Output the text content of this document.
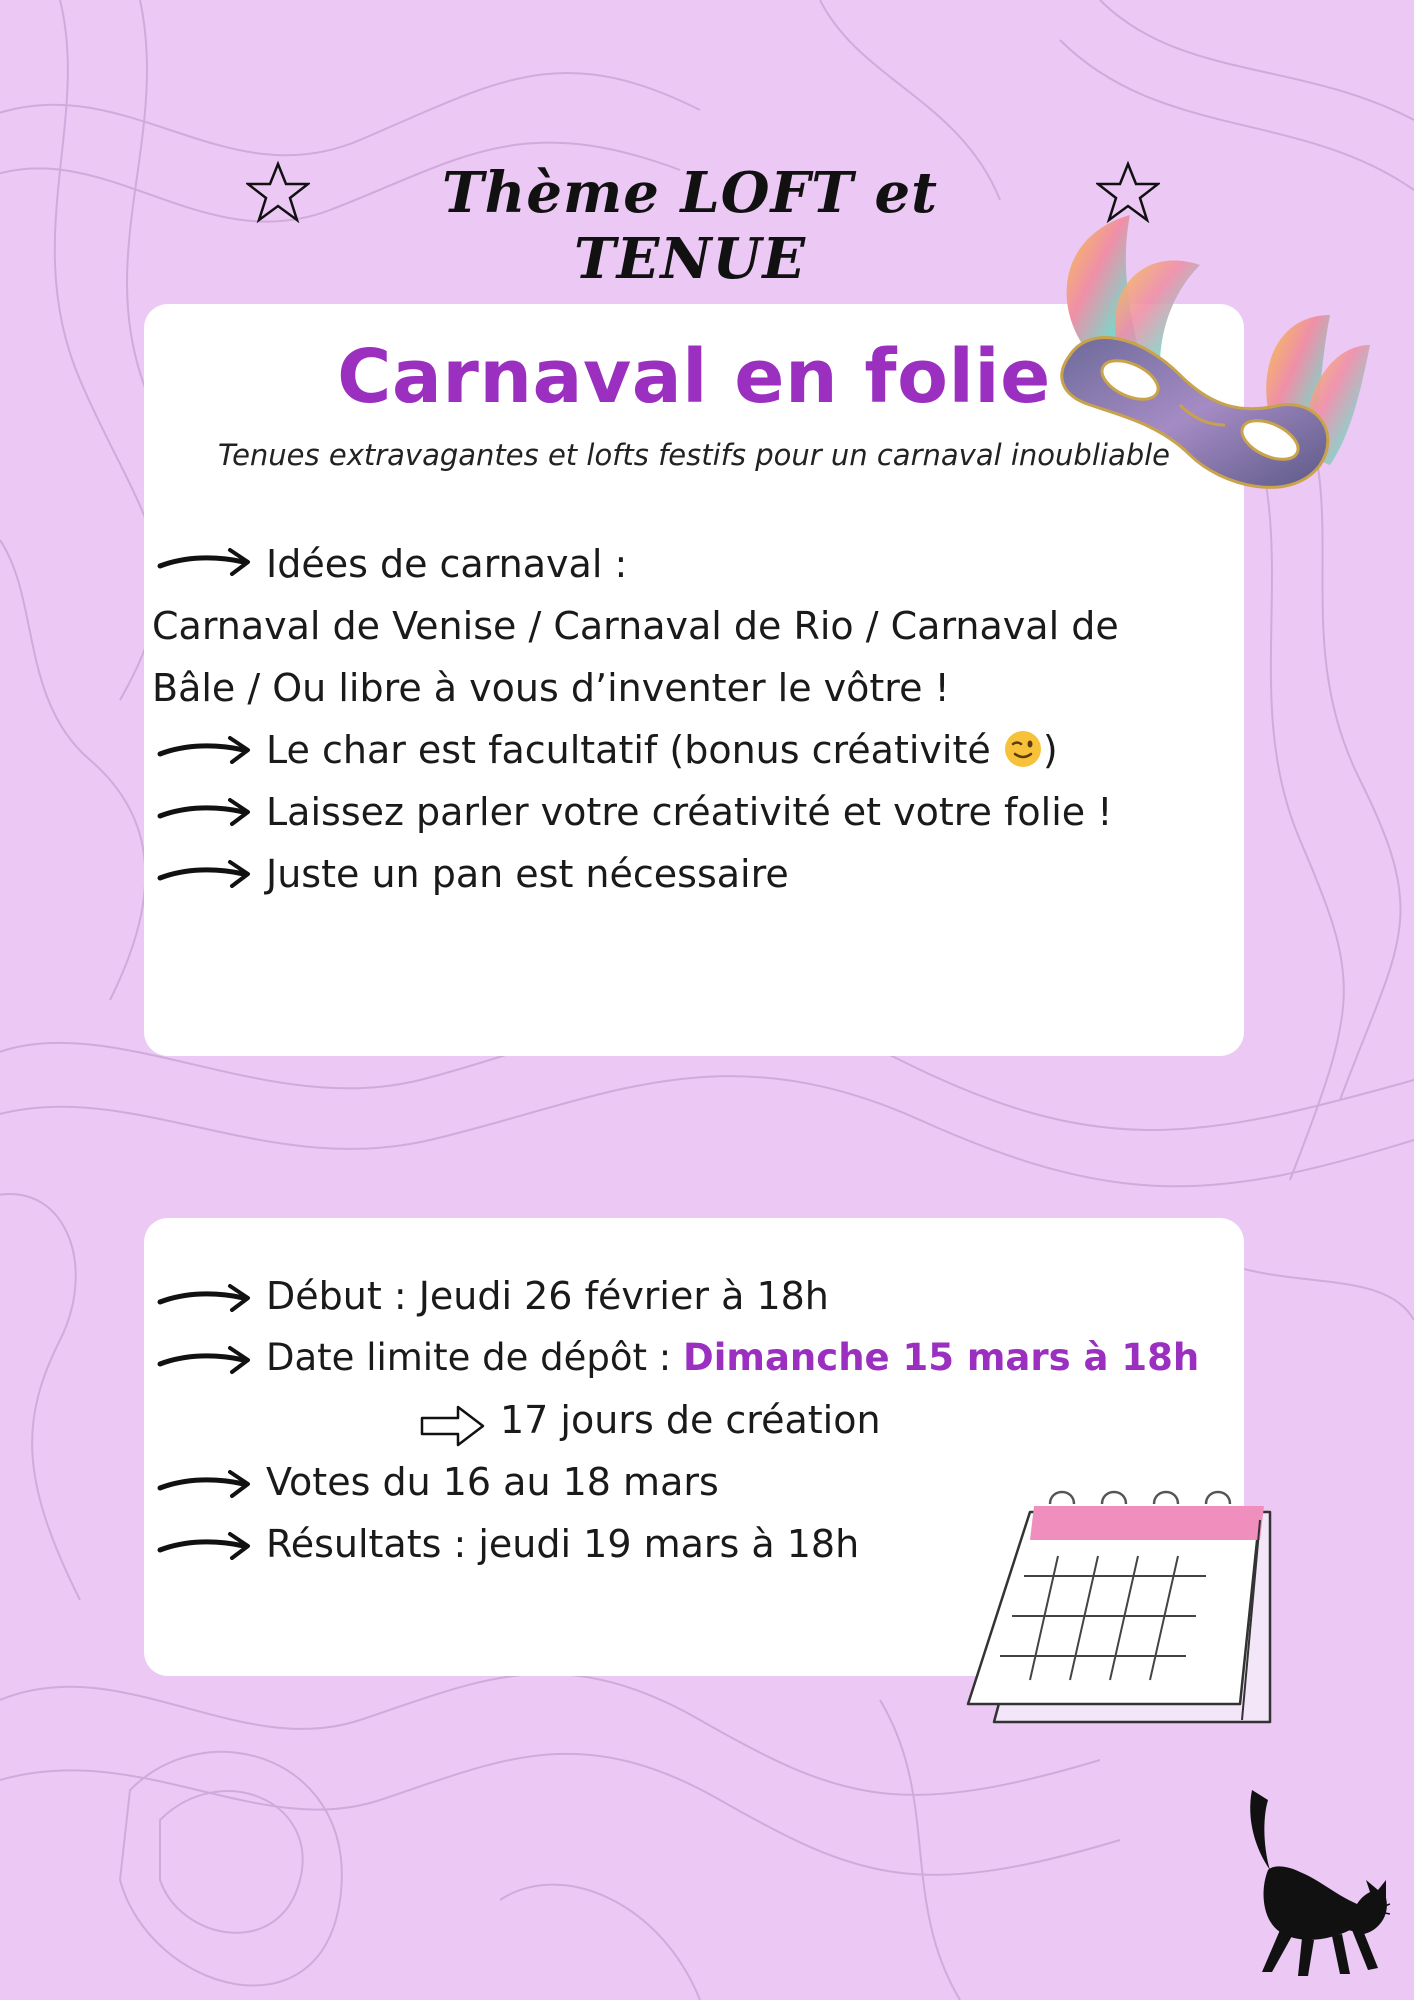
Thème LOFT et TENUE
Carnaval en folie
Tenues extravagantes et lofts festifs pour un carnaval inoubliable
Idées de carnaval :
Carnaval de Venise / Carnaval de Rio / Carnaval de
Bâle / Ou libre à vous d’inventer le vôtre !
Le char est facultatif (bonus créativité )
Laissez parler votre créativité et votre folie !
Juste un pan est nécessaire
Début : Jeudi 26 février à 18h
Date limite de dépôt : Dimanche 15 mars à 18h
17 jours de création
Votes du 16 au 18 mars
Résultats : jeudi 19 mars à 18h
